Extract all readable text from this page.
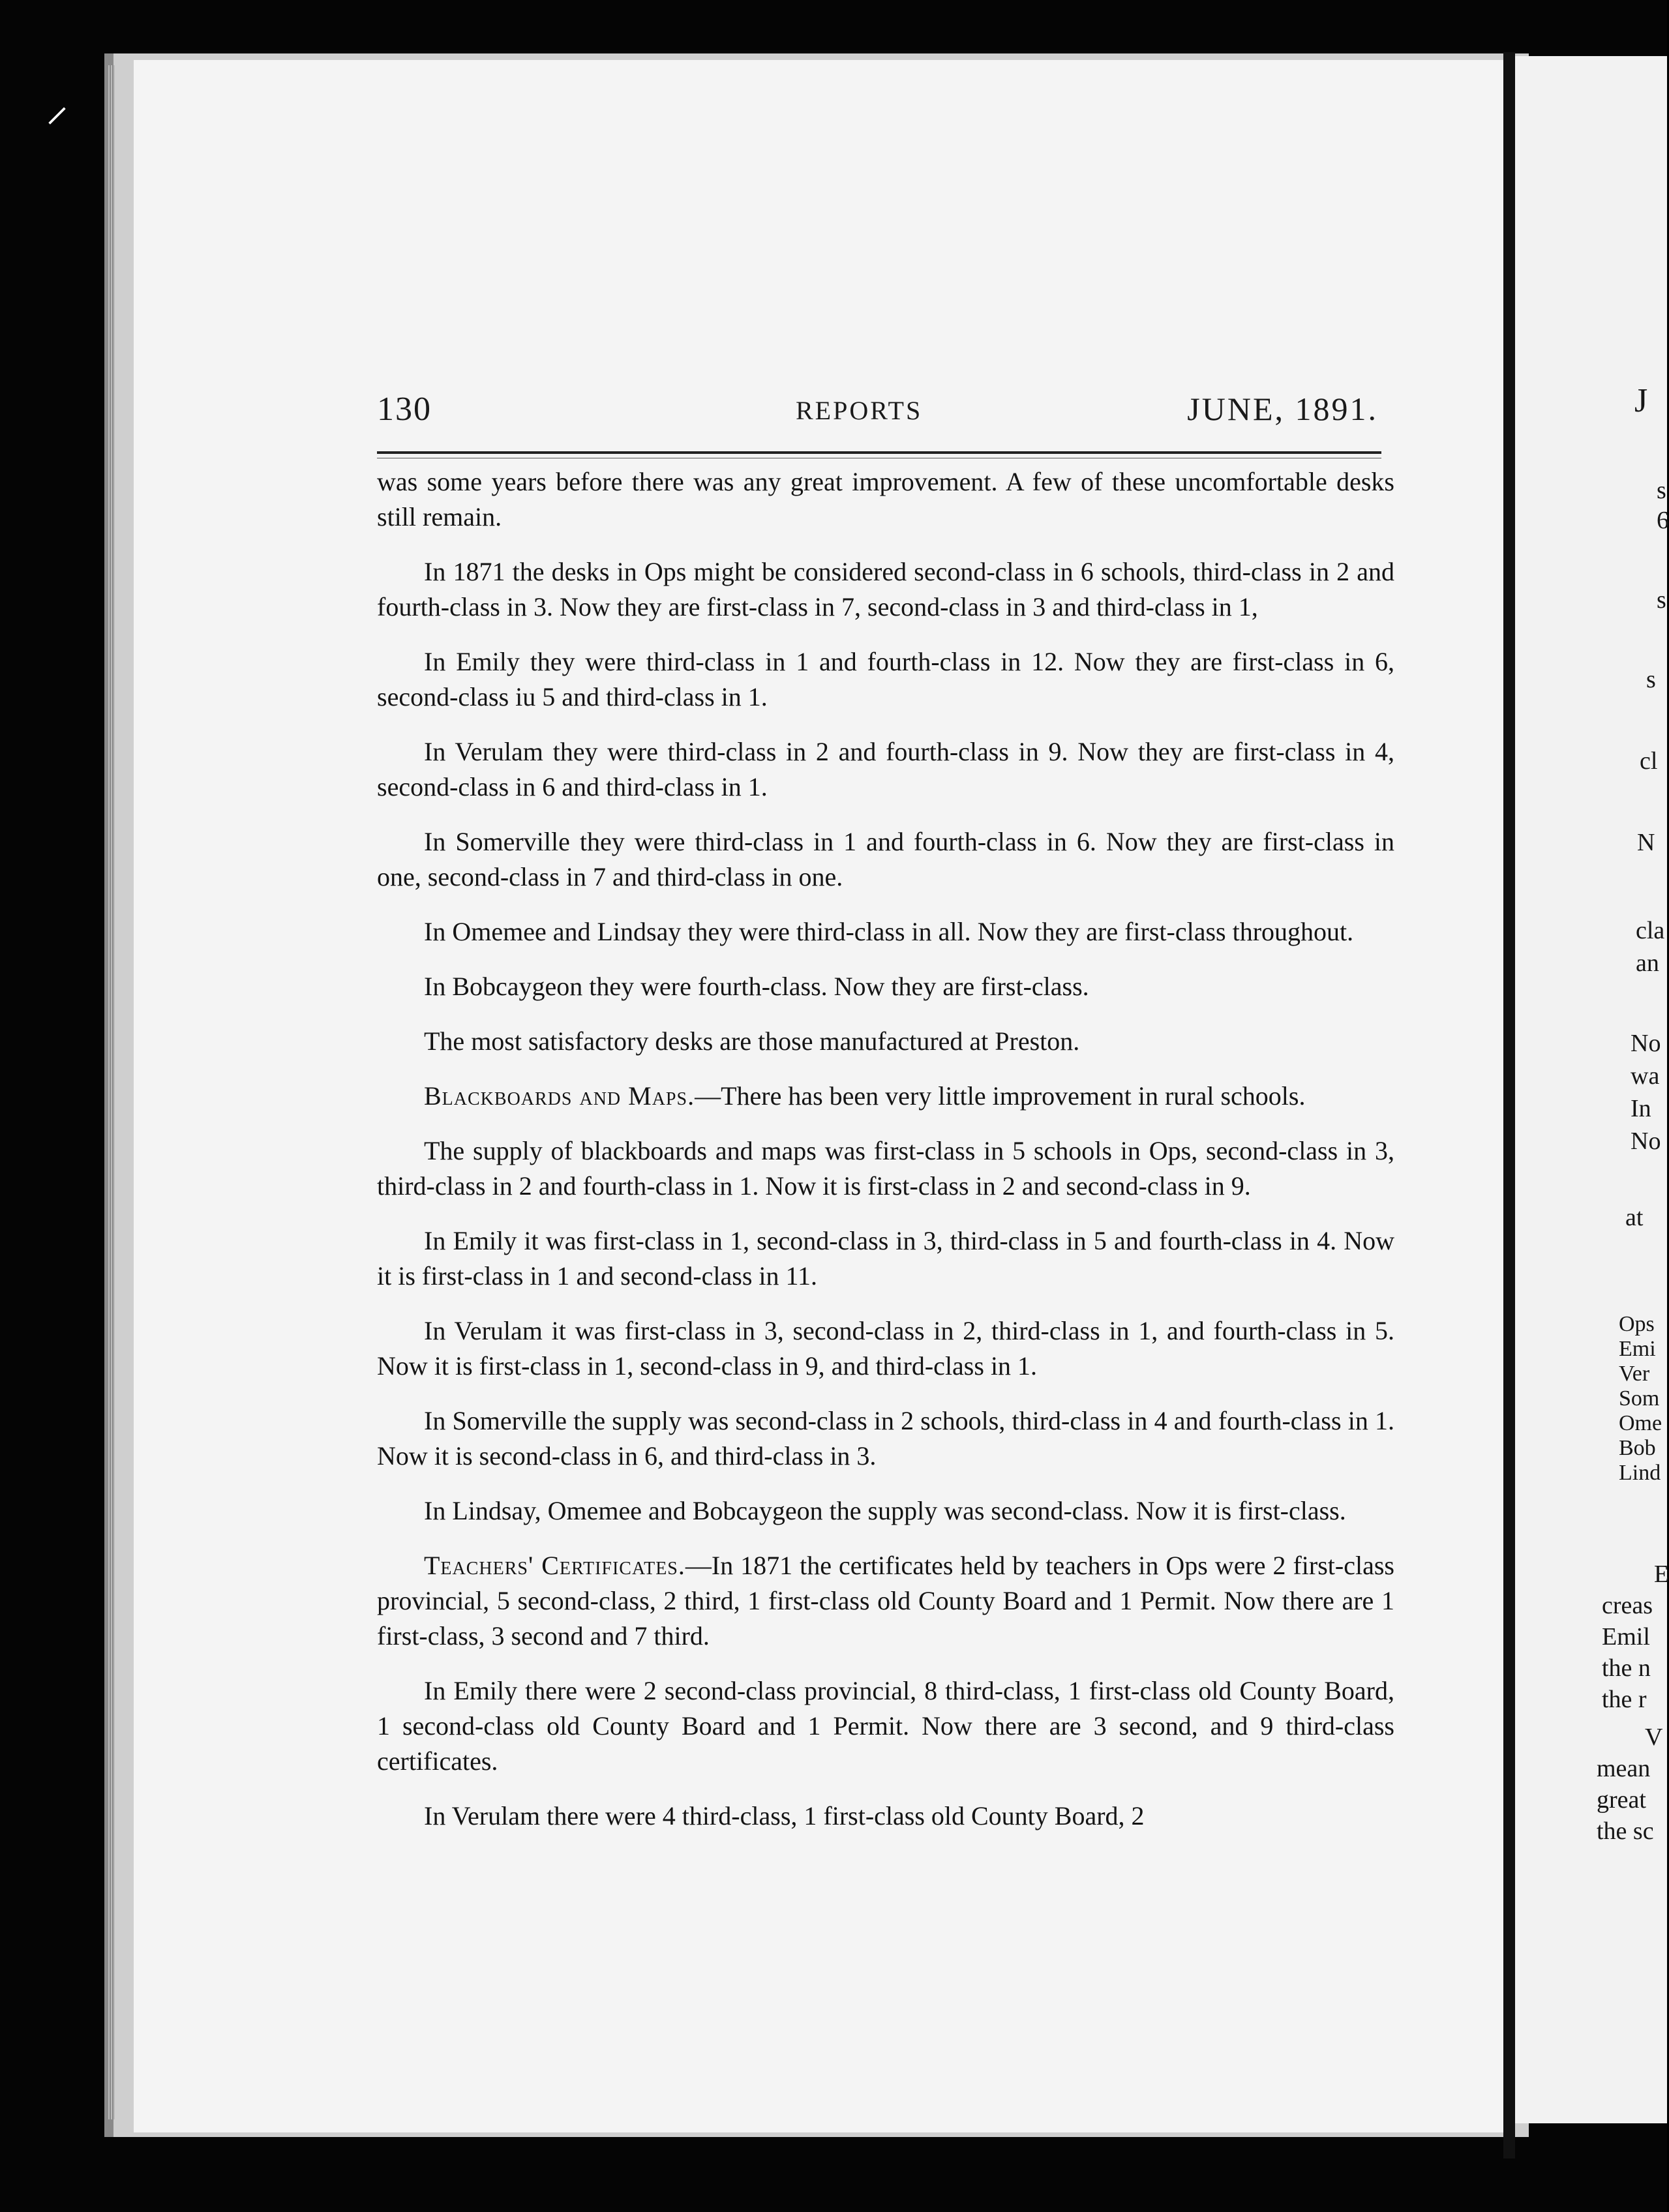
⸝
130	REPORTS	JUNE, 1891.

was some years before there was any great improvement. A few of these uncomfortable desks still remain.

In 1871 the desks in Ops might be considered second-class in 6 schools, third-class in 2 and fourth-class in 3. Now they are first-class in 7, second-class in 3 and third-class in 1,

In Emily they were third-class in 1 and fourth-class in 12. Now they are first-class in 6, second-class iu 5 and third-class in 1.

In Verulam they were third-class in 2 and fourth-class in 9. Now they are first-class in 4, second-class in 6 and third-class in 1.

In Somerville they were third-class in 1 and fourth-class in 6. Now they are first-class in one, second-class in 7 and third-class in one.

In Omemee and Lindsay they were third-class in all. Now they are first-class throughout.

In Bobcaygeon they were fourth-class. Now they are first-class.

The most satisfactory desks are those manufactured at Preston.

Blackboards and Maps.—There has been very little improvement in rural schools.

The supply of blackboards and maps was first-class in 5 schools in Ops, second-class in 3, third-class in 2 and fourth-class in 1. Now it is first-class in 2 and second-class in 9.

In Emily it was first-class in 1, second-class in 3, third-class in 5 and fourth-class in 4. Now it is first-class in 1 and second-class in 11.

In Verulam it was first-class in 3, second-class in 2, third-class in 1, and fourth-class in 5. Now it is first-class in 1, second-class in 9, and third-class in 1.

In Somerville the supply was second-class in 2 schools, third-class in 4 and fourth-class in 1. Now it is second-class in 6, and third-class in 3.

In Lindsay, Omemee and Bobcaygeon the supply was second-class. Now it is first-class.

Teachers' Certificates.—In 1871 the certificates held by teachers in Ops were 2 first-class provincial, 5 second-class, 2 third, 1 first-class old County Board and 1 Permit. Now there are 1 first-class, 3 second and 7 third.

In Emily there were 2 second-class provincial, 8 third-class, 1 first-class old County Board, 1 second-class old County Board and 1 Permit. Now there are 3 second, and 9 third-class certificates.

In Verulam there were 4 third-class, 1 first-class old County Board, 2

J
s
6
s
s
cl
N
cla
an
No
wa
In
No
at
Ops
Emi
Ver
Som
Ome
Bob
Lind
E
creas
Emil
the n
the r
V
mean
great
the sc
